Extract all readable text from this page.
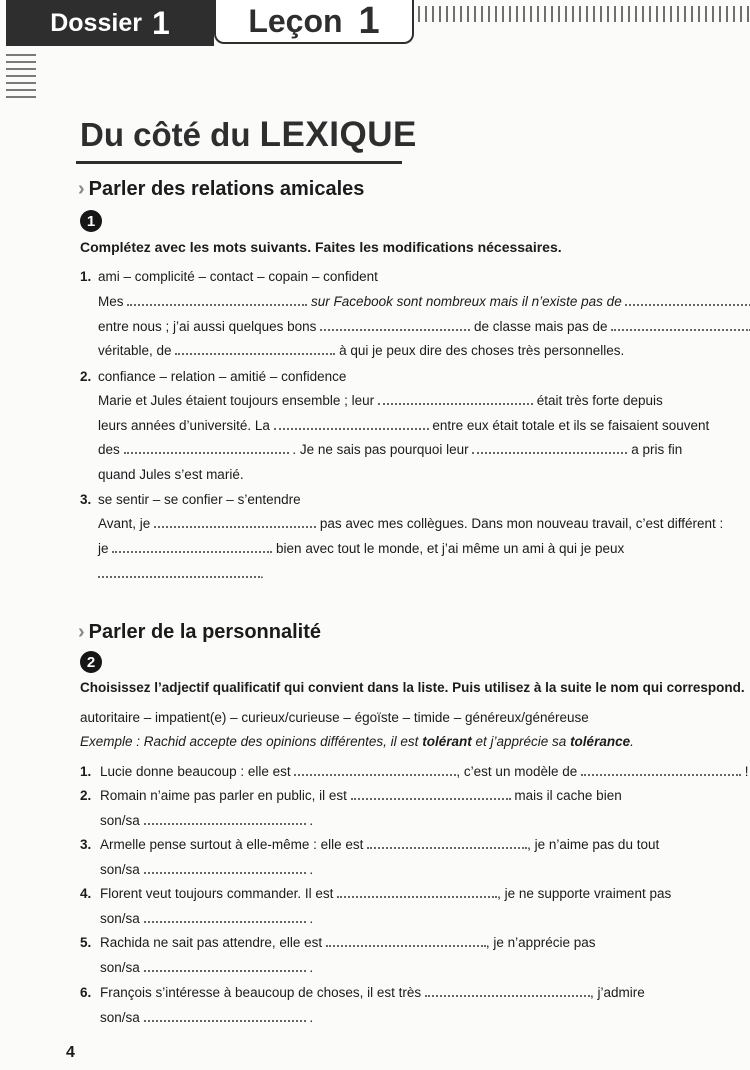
Dossier 1 Leçon 1
Du côté du LEXIQUE
› Parler des relations amicales
1
Complétez avec les mots suivants. Faites les modifications nécessaires.
1. ami – complicité – contact – copain – confident
Mes	sur Facebook sont nombreux mais il n’existe pas de
entre nous ; j’ai aussi quelques bons	de classe mais pas de
véritable, de	à qui je peux dire des choses très personnelles.
2. confiance – relation – amitié – confidence
Marie et Jules étaient toujours ensemble ; leur	était très forte depuis
leurs années d’université. La	entre eux était totale et ils se faisaient souvent
des	. Je ne sais pas pourquoi leur	a pris fin
quand Jules s’est marié.
3. se sentir – se confier – s’entendre
Avant, je	pas avec mes collègues. Dans mon nouveau travail, c’est différent :
je	bien avec tout le monde, et j’ai même un ami à qui je peux
.
› Parler de la personnalité
2
Choisissez l’adjectif qualificatif qui convient dans la liste. Puis utilisez à la suite le nom qui correspond.
autoritaire – impatient(e) – curieux/curieuse – égoïste – timide – généreux/généreuse
Exemple : Rachid accepte des opinions différentes, il est tolérant et j’apprécie sa tolérance.
1. Lucie donne beaucoup : elle est	, c’est un modèle de	!
2. Romain n’aime pas parler en public, il est	mais il cache bien
son/sa	.
3. Armelle pense surtout à elle-même : elle est	, je n’aime pas du tout
son/sa	.
4. Florent veut toujours commander. Il est	, je ne supporte vraiment pas
son/sa	.
5. Rachida ne sait pas attendre, elle est	, je n’apprécie pas
son/sa	.
6. François s’intéresse à beaucoup de choses, il est très	, j’admire
son/sa	.
4
